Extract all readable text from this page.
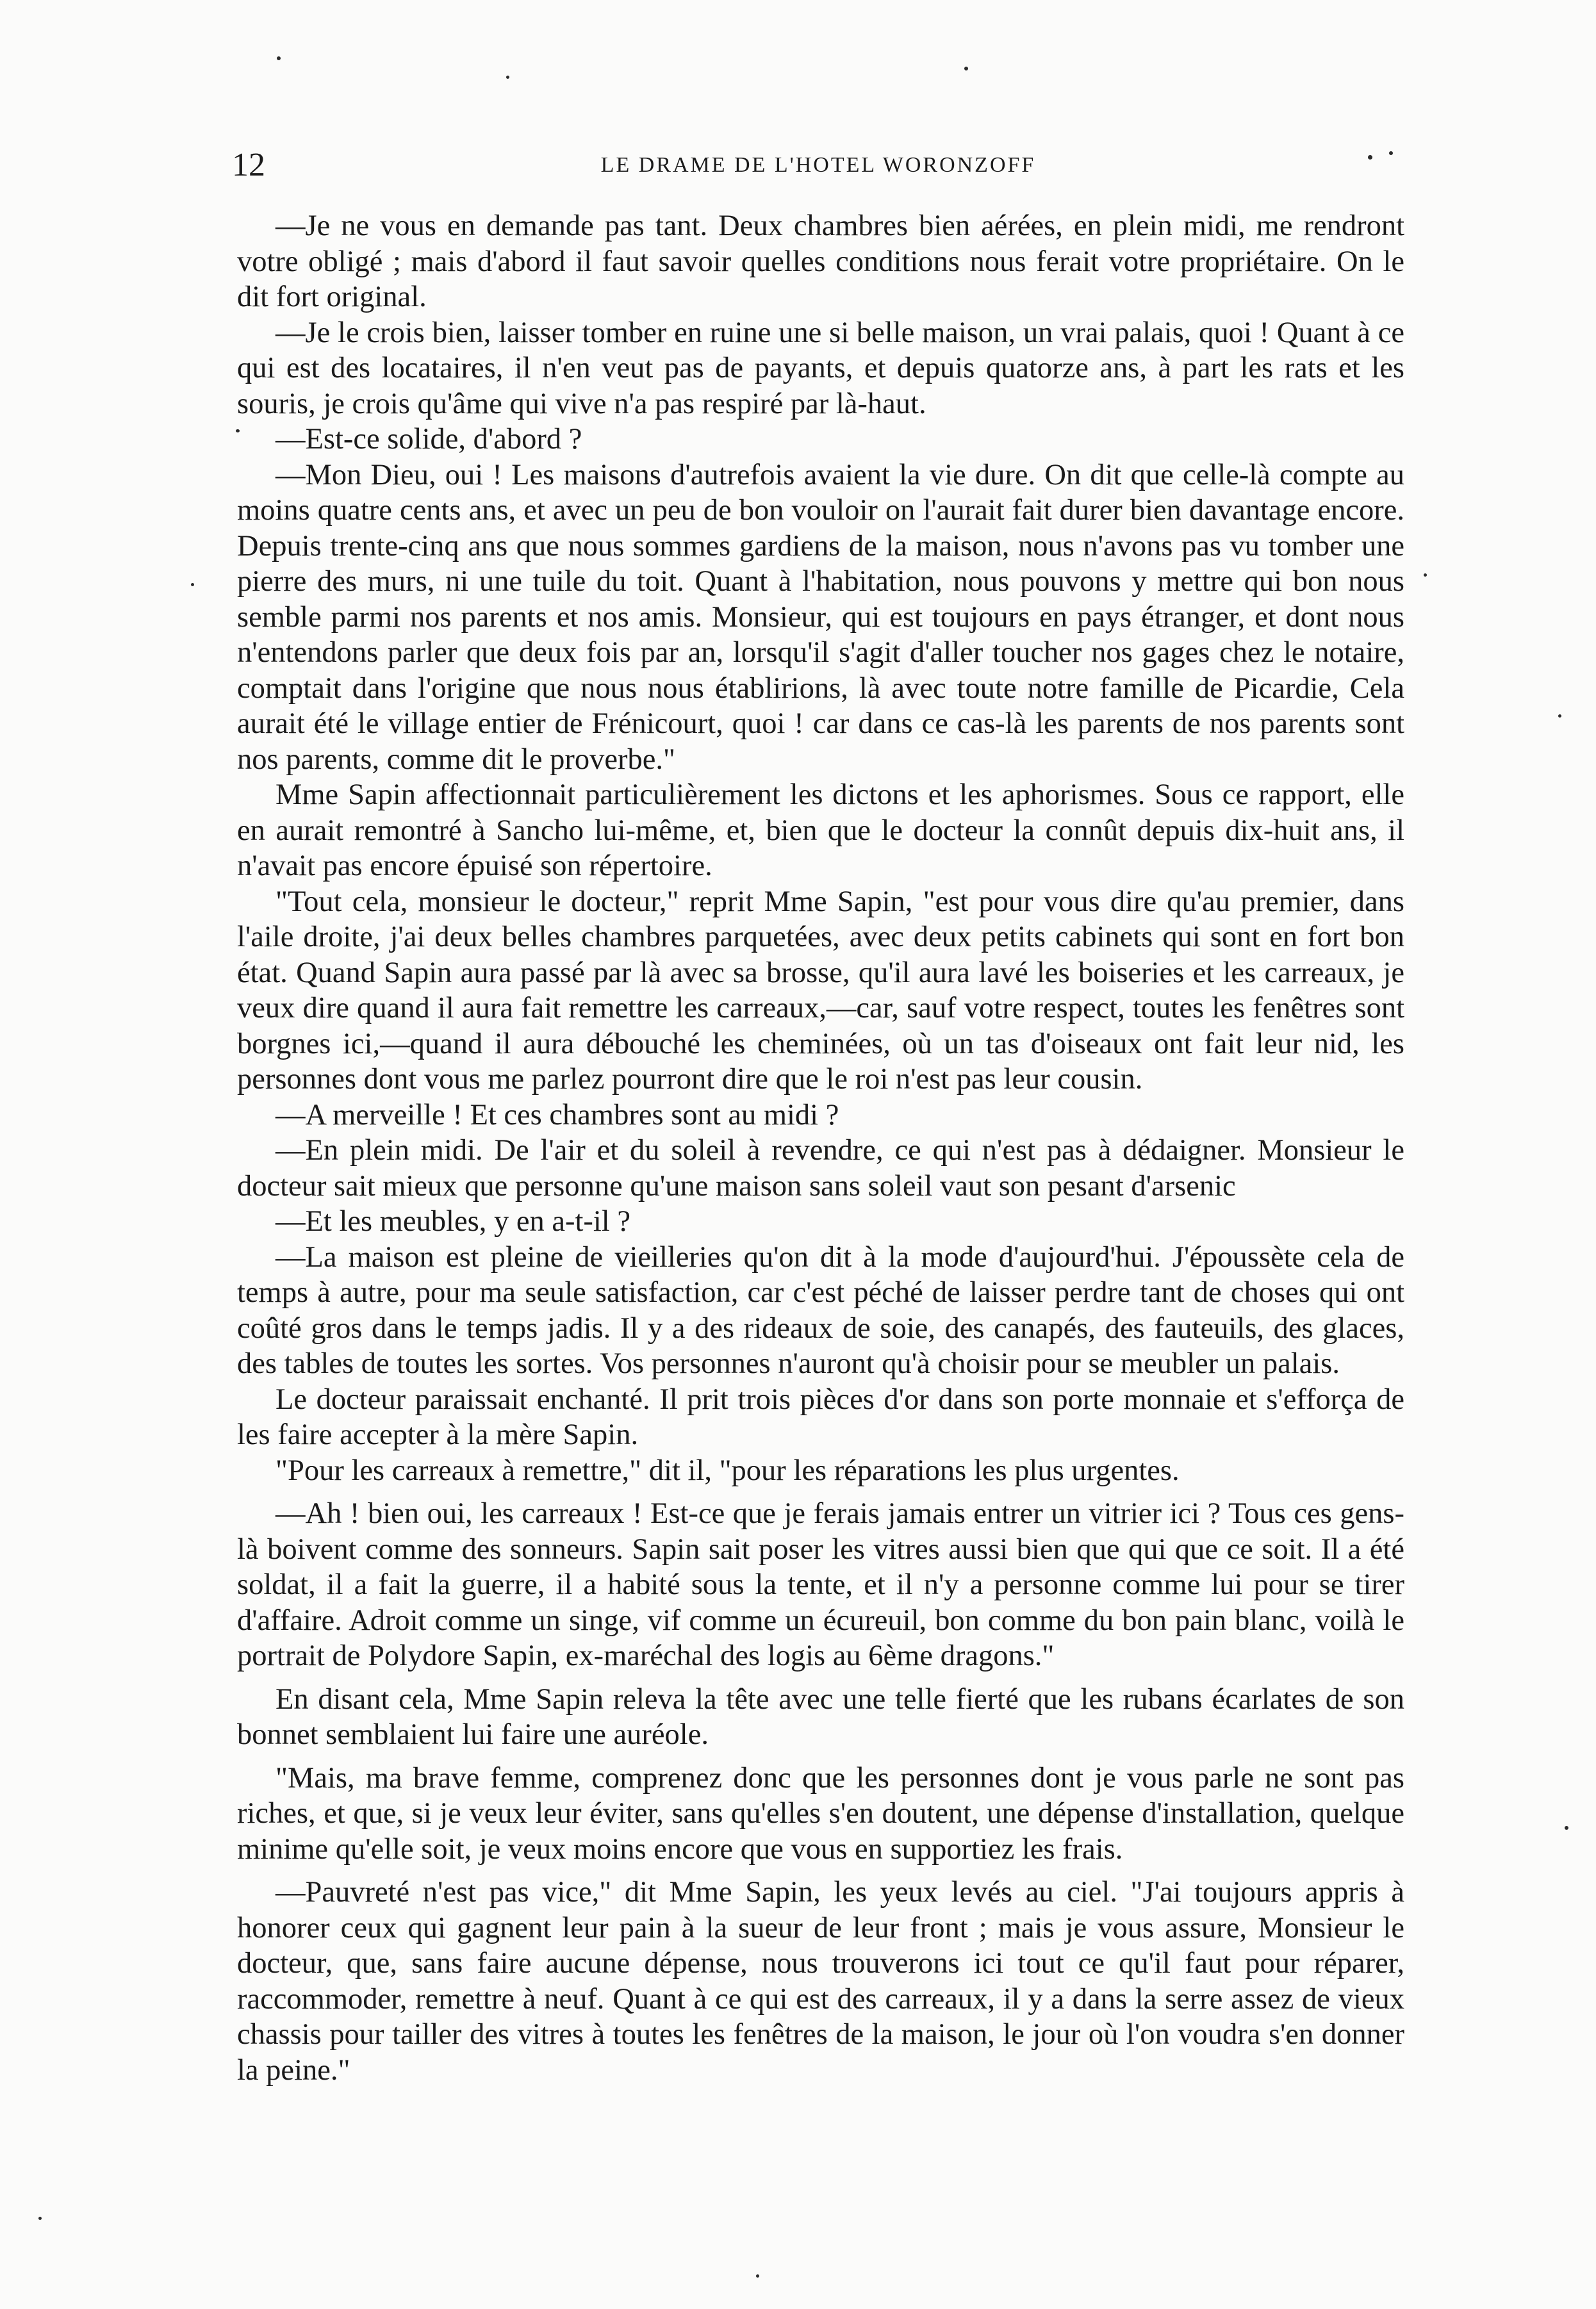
12	LE DRAME DE L'HOTEL WORONZOFF

—Je ne vous en demande pas tant. Deux chambres bien aérées, en plein midi, me rendront votre obligé ; mais d'abord il faut savoir quelles conditions nous ferait votre propriétaire. On le dit fort original.

—Je le crois bien, laisser tomber en ruine une si belle maison, un vrai palais, quoi ! Quant à ce qui est des locataires, il n'en veut pas de payants, et depuis quatorze ans, à part les rats et les souris, je crois qu'âme qui vive n'a pas respiré par là-haut.

—Est-ce solide, d'abord ?

—Mon Dieu, oui ! Les maisons d'autrefois avaient la vie dure. On dit que celle-là compte au moins quatre cents ans, et avec un peu de bon vouloir on l'aurait fait durer bien davantage encore. Depuis trente-cinq ans que nous sommes gardiens de la maison, nous n'avons pas vu tomber une pierre des murs, ni une tuile du toit. Quant à l'habitation, nous pouvons y mettre qui bon nous semble parmi nos parents et nos amis. Monsieur, qui est toujours en pays étranger, et dont nous n'entendons parler que deux fois par an, lorsqu'il s'agit d'aller toucher nos gages chez le notaire, comptait dans l'origine que nous nous établirions, là avec toute notre famille de Picardie, Cela aurait été le village entier de Frénicourt, quoi ! car dans ce cas-là les parents de nos parents sont nos parents, comme dit le proverbe."

Mme Sapin affectionnait particulièrement les dictons et les aphorismes. Sous ce rapport, elle en aurait remontré à Sancho lui-même, et, bien que le docteur la connût depuis dix-huit ans, il n'avait pas encore épuisé son répertoire.

"Tout cela, monsieur le docteur," reprit Mme Sapin, "est pour vous dire qu'au premier, dans l'aile droite, j'ai deux belles chambres parquetées, avec deux petits cabinets qui sont en fort bon état. Quand Sapin aura passé par là avec sa brosse, qu'il aura lavé les boiseries et les carreaux, je veux dire quand il aura fait remettre les carreaux,—car, sauf votre respect, toutes les fenêtres sont borgnes ici,—quand il aura débouché les cheminées, où un tas d'oiseaux ont fait leur nid, les personnes dont vous me parlez pourront dire que le roi n'est pas leur cousin.

—A merveille ! Et ces chambres sont au midi ?

—En plein midi. De l'air et du soleil à revendre, ce qui n'est pas à dédaigner. Monsieur le docteur sait mieux que personne qu'une maison sans soleil vaut son pesant d'arsenic

—Et les meubles, y en a-t-il ?

—La maison est pleine de vieilleries qu'on dit à la mode d'aujourd'hui. J'époussète cela de temps à autre, pour ma seule satisfaction, car c'est péché de laisser perdre tant de choses qui ont coûté gros dans le temps jadis. Il y a des rideaux de soie, des canapés, des fauteuils, des glaces, des tables de toutes les sortes. Vos personnes n'auront qu'à choisir pour se meubler un palais.

Le docteur paraissait enchanté. Il prit trois pièces d'or dans son porte monnaie et s'efforça de les faire accepter à la mère Sapin.

"Pour les carreaux à remettre," dit il, "pour les réparations les plus urgentes.

—Ah ! bien oui, les carreaux ! Est-ce que je ferais jamais entrer un vitrier ici ? Tous ces gens-là boivent comme des sonneurs. Sapin sait poser les vitres aussi bien que qui que ce soit. Il a été soldat, il a fait la guerre, il a habité sous la tente, et il n'y a personne comme lui pour se tirer d'affaire. Adroit comme un singe, vif comme un écureuil, bon comme du bon pain blanc, voilà le portrait de Polydore Sapin, ex-maréchal des logis au 6ème dragons."

En disant cela, Mme Sapin releva la tête avec une telle fierté que les rubans écarlates de son bonnet semblaient lui faire une auréole.

"Mais, ma brave femme, comprenez donc que les personnes dont je vous parle ne sont pas riches, et que, si je veux leur éviter, sans qu'elles s'en doutent, une dépense d'installation, quelque minime qu'elle soit, je veux moins encore que vous en supportiez les frais.

—Pauvreté n'est pas vice," dit Mme Sapin, les yeux levés au ciel. "J'ai toujours appris à honorer ceux qui gagnent leur pain à la sueur de leur front ; mais je vous assure, Monsieur le docteur, que, sans faire aucune dépense, nous trouverons ici tout ce qu'il faut pour réparer, raccommoder, remettre à neuf. Quant à ce qui est des carreaux, il y a dans la serre assez de vieux chassis pour tailler des vitres à toutes les fenêtres de la maison, le jour où l'on voudra s'en donner la peine."
